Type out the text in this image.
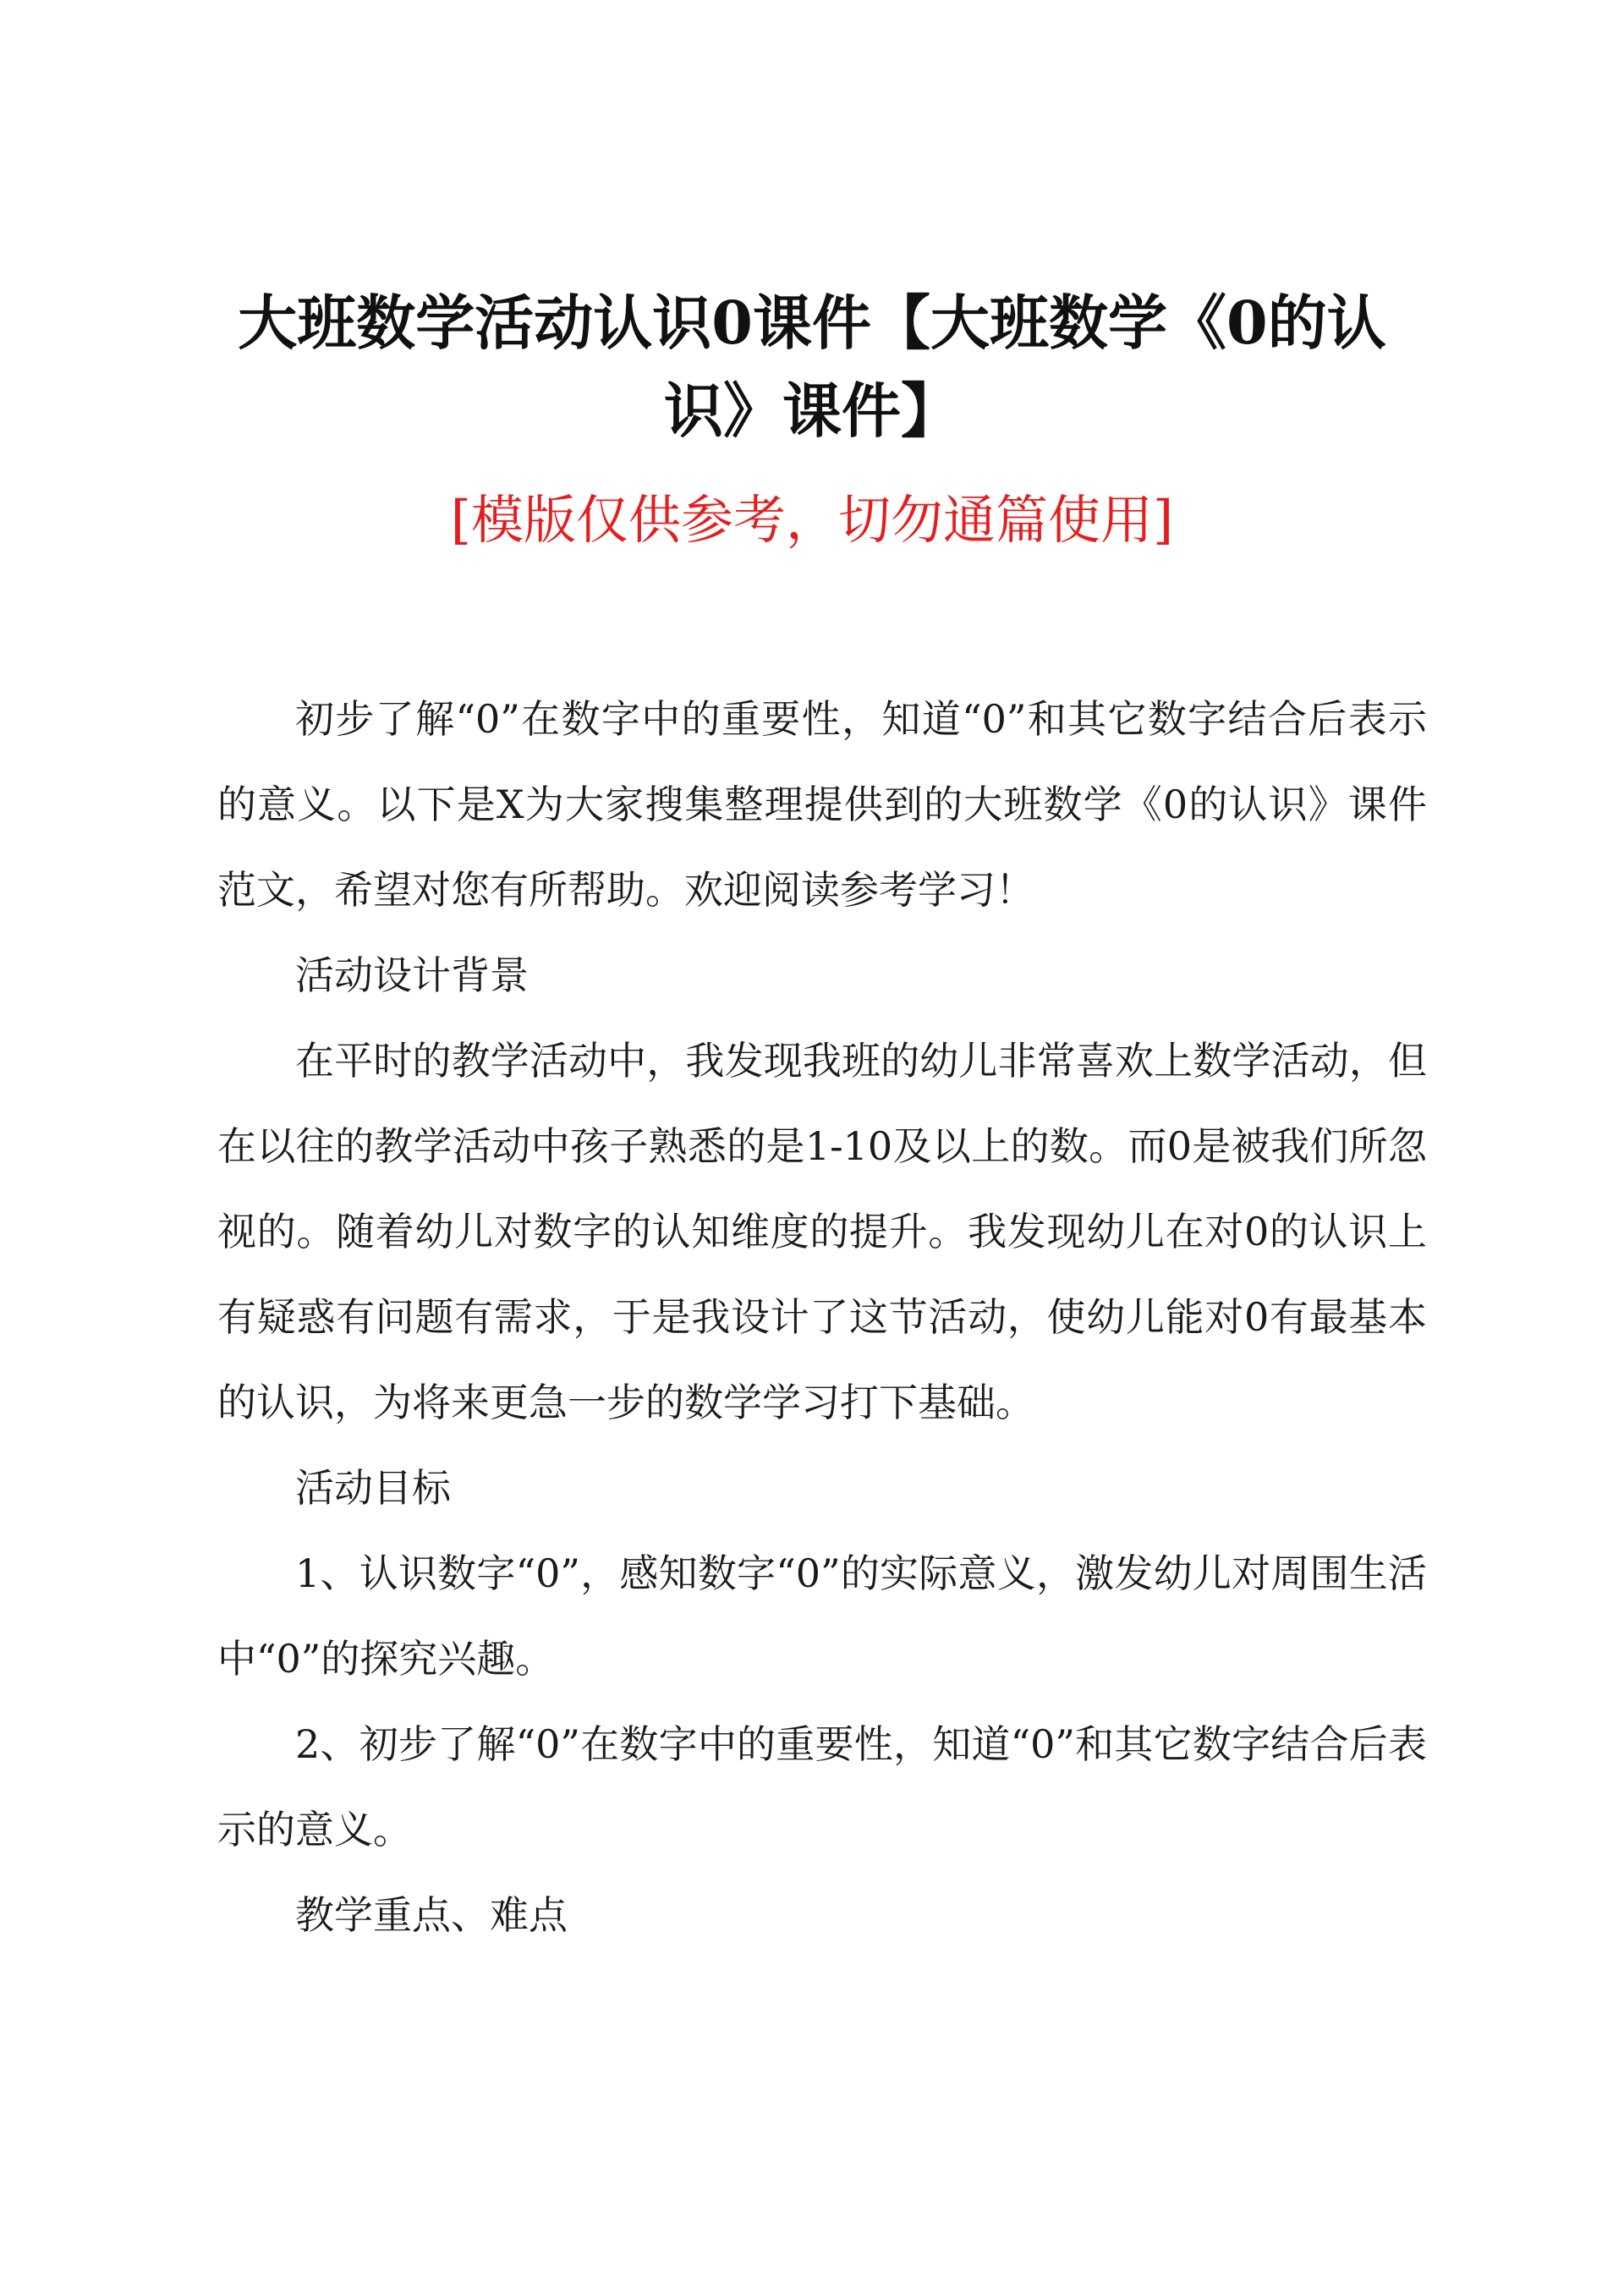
大班数学活动认识0课件【大班数学《0的认识》课件】
[模版仅供参考，切勿通篇使用]

初步了解“0”在数字中的重要性，知道“0”和其它数字结合后表示的意义。以下是X为大家搜集整理提供到的大班数学《0的认识》课件范文，希望对您有所帮助。欢迎阅读参考学习！

活动设计背景

在平时的教学活动中，我发现我班的幼儿非常喜欢上数学活动，但在以往的教学活动中孩子熟悉的是1-10及以上的数。而0是被我们所忽视的。随着幼儿对数字的认知维度的提升。我发现幼儿在对0的认识上有疑惑有问题有需求，于是我设计了这节活动，使幼儿能对0有最基本的认识，为将来更急一步的数学学习打下基础。

活动目标

1、认识数字“0”，感知数字“0”的实际意义，激发幼儿对周围生活中“0”的探究兴趣。

2、初步了解“0”在数字中的重要性，知道“0”和其它数字结合后表示的意义。

教学重点、难点
